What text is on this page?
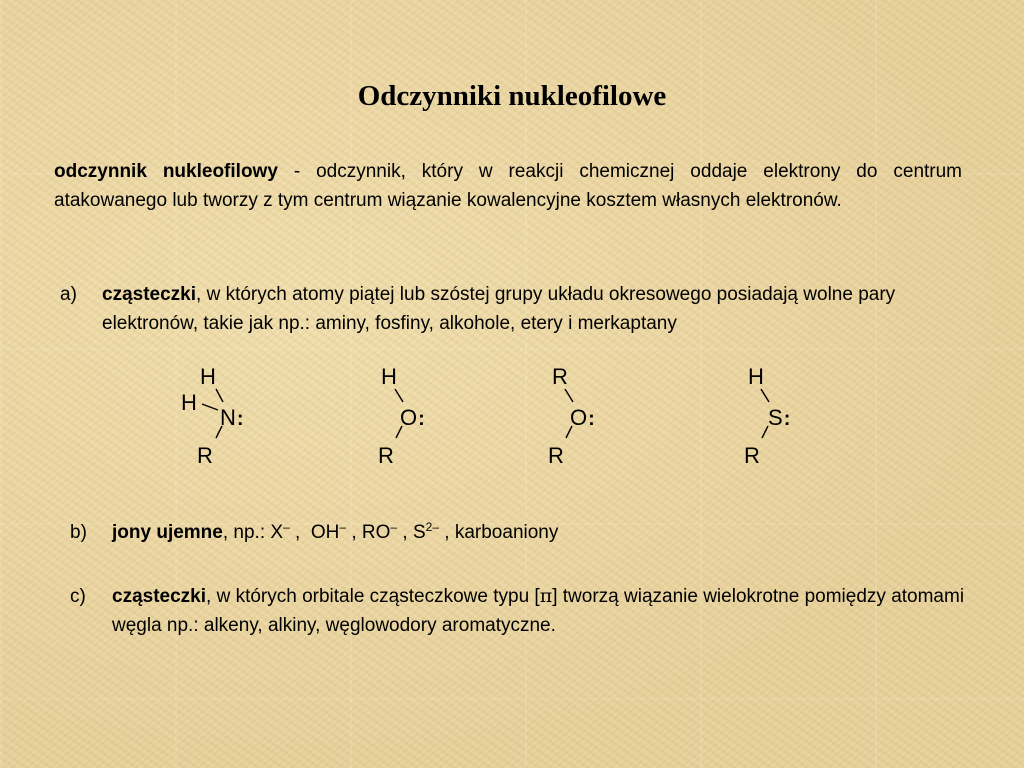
Odczynniki nukleofilowe
odczynnik nukleofilowy - odczynnik, który w reakcji chemicznej oddaje elektrony do centrum atakowanego lub tworzy z tym centrum wiązanie kowalencyjne kosztem własnych elektronów.
a) cząsteczki, w których atomy piątej lub szóstej grupy układu okresowego posiadają wolne pary elektronów, takie jak np.: aminy, fosfiny, alkohole, etery i merkaptany
H
H
N:
R
H
O:
R
R
O:
R
H
S:
R
b) jony ujemne, np.: X– ,  OH– , RO– , $S^{2-}$ , karboaniony
c) cząsteczki, w których orbitale cząsteczkowe typu [π] tworzą wiązanie wielokrotne pomiędzy atomami węgla np.: alkeny, alkiny, węglowodory aromatyczne.
